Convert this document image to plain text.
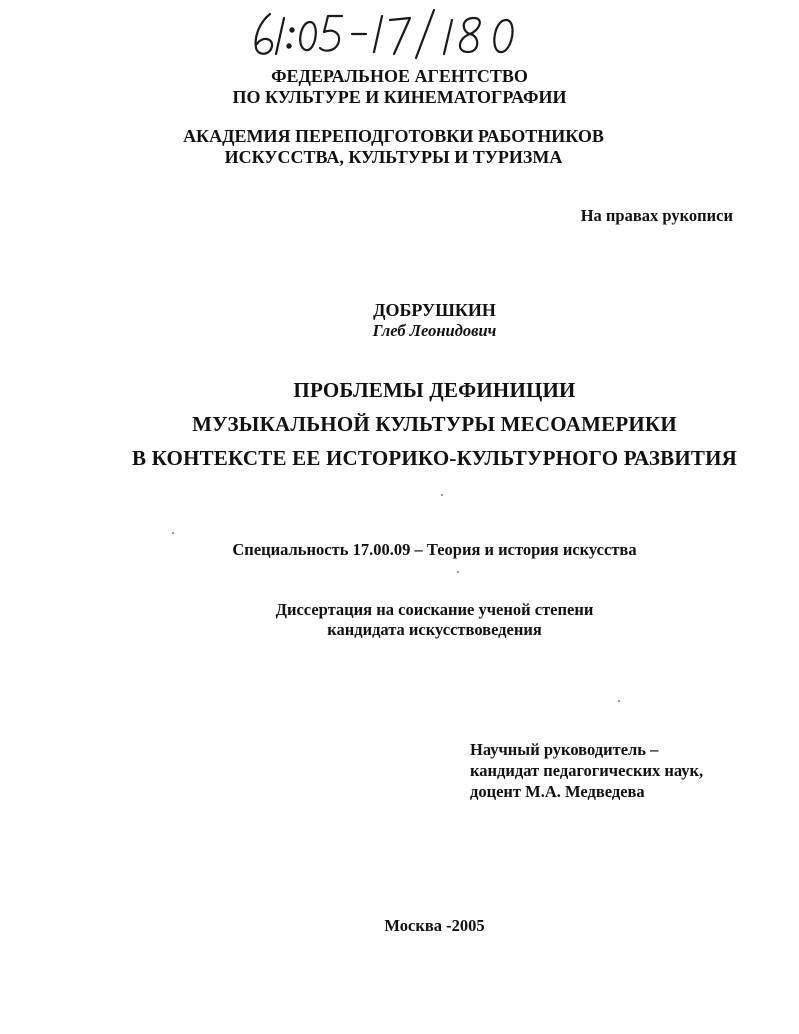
ФЕДЕРАЛЬНОЕ АГЕНТСТВО
ПО КУЛЬТУРЕ И КИНЕМАТОГРАФИИ
АКАДЕМИЯ ПЕРЕПОДГОТОВКИ РАБОТНИКОВ
ИСКУССТВА, КУЛЬТУРЫ И ТУРИЗМА
На правах рукописи
ДОБРУШКИН
Глеб Леонидович
ПРОБЛЕМЫ ДЕФИНИЦИИ
МУЗЫКАЛЬНОЙ КУЛЬТУРЫ МЕСОАМЕРИКИ
В КОНТЕКСТЕ ЕЕ ИСТОРИКО-КУЛЬТУРНОГО РАЗВИТИЯ
Специальность 17.00.09 – Теория и история искусства
Диссертация на соискание ученой степени
кандидата искусствоведения
Научный руководитель –
кандидат педагогических наук,
доцент М.А. Медведева
Москва -2005
